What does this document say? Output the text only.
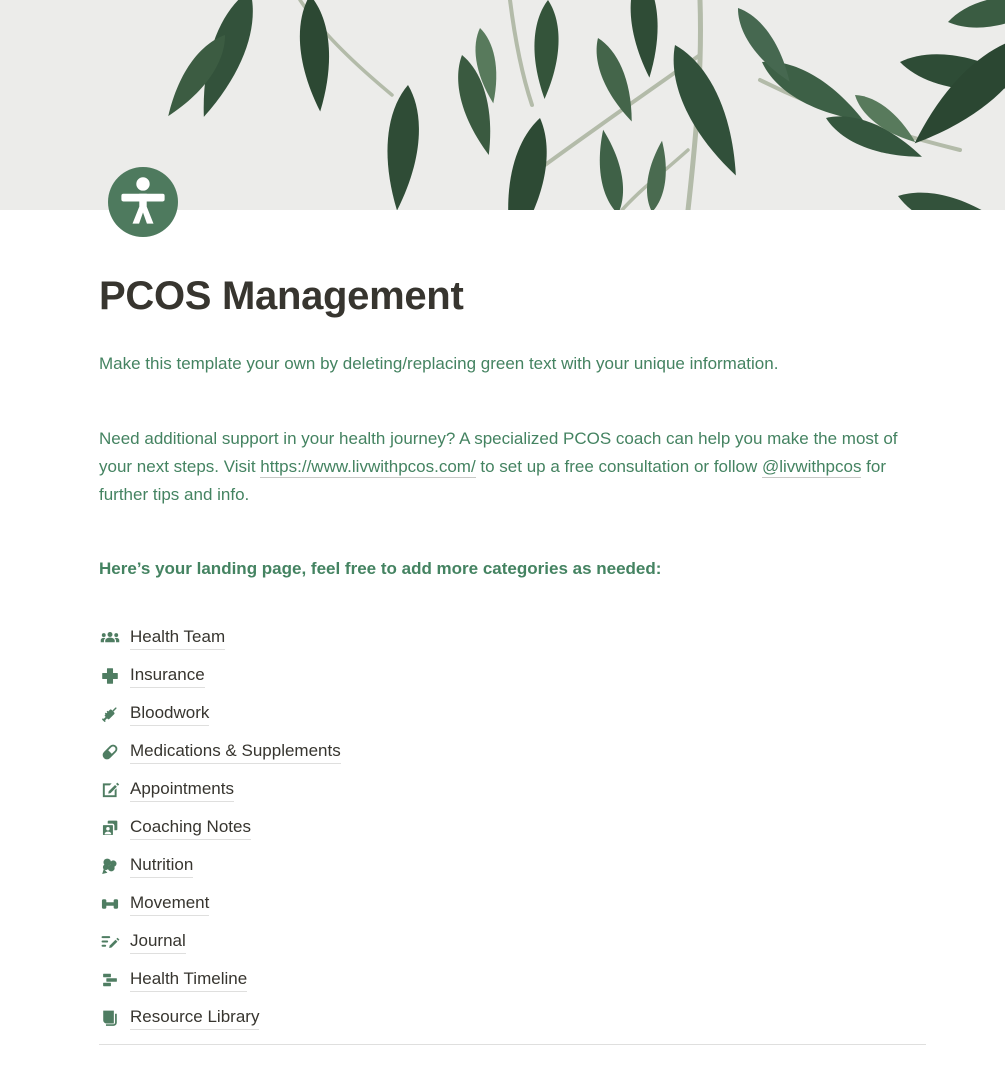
PCOS Management

Make this template your own by deleting/replacing green text with your unique information.

Need additional support in your health journey? A specialized PCOS coach can help you make the most of your next steps. Visit https://www.livwithpcos.com/ to set up a free consultation or follow @livwithpcos for further tips and info.

Here’s your landing page, feel free to add more categories as needed:

Health Team
Insurance
Bloodwork
Medications & Supplements
Appointments
Coaching Notes
Nutrition
Movement
Journal
Health Timeline
Resource Library
